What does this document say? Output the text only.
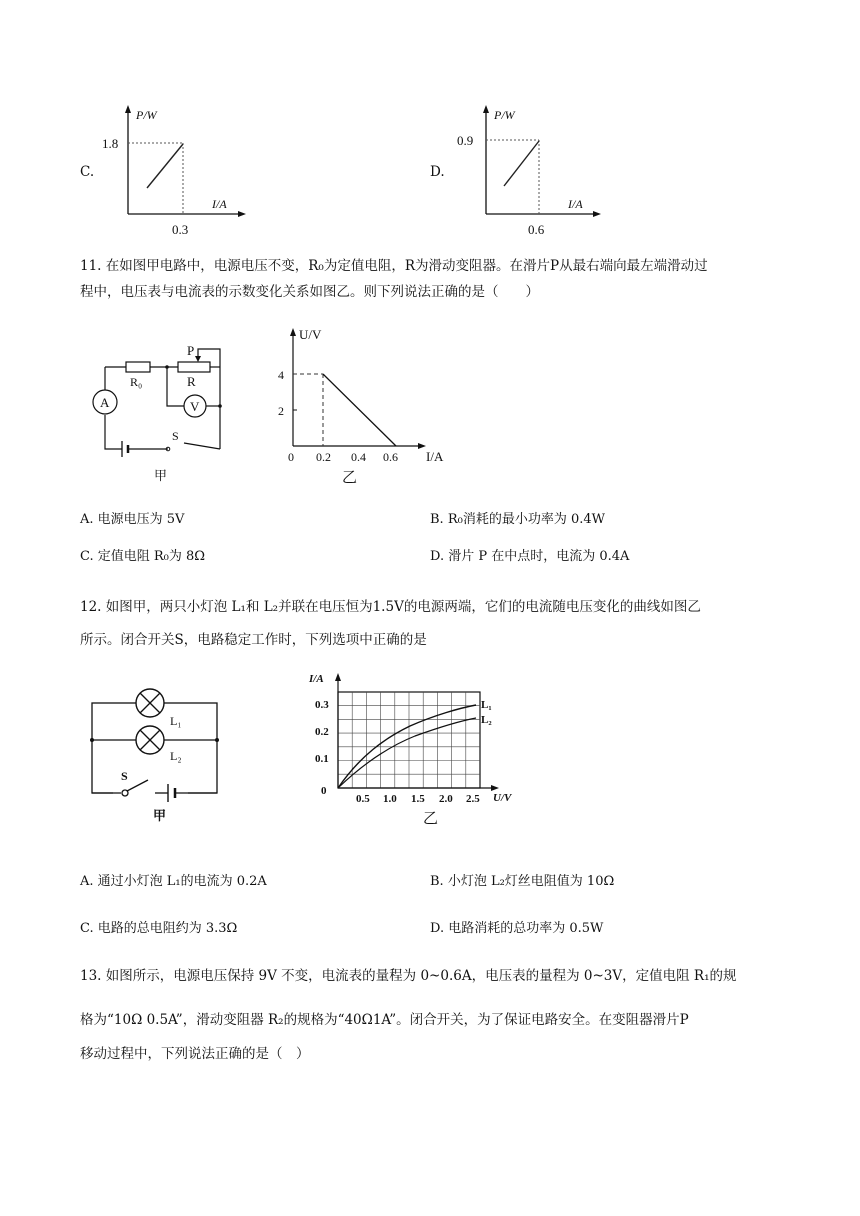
C.
P/W
I/A
1.8
0.3
D.
P/W
I/A
0.9
0.6
11. 在如图甲电路中，电源电压不变，R₀为定值电阻，R为滑动变阻器。在滑片P从最右端向最左端滑动过
程中，电压表与电流表的示数变化关系如图乙。则下列说法正确的是（　　）
A
R₀
P
R
V
S
甲
U/V
I/A
4
2
0 0.2 0.4 0.6
乙
A. 电源电压为 5V	B. R₀消耗的最小功率为 0.4W
C. 定值电阻 R₀为 8Ω	D. 滑片 P 在中点时，电流为 0.4A
12. 如图甲，两只小灯泡 L₁和 L₂并联在电压恒为1.5V的电源两端，它们的电流随电压变化的曲线如图乙
所示。闭合开关S，电路稳定工作时，下列选项中正确的是
L₁
L₂
S
甲
I/A
U/V
0.3
0.2
0.1
0
0.5 1.0 1.5 2.0 2.5
L₁
L₂
乙
A. 通过小灯泡 L₁的电流为 0.2A	B. 小灯泡 L₂灯丝电阻值为 10Ω
C. 电路的总电阻约为 3.3Ω	D. 电路消耗的总功率为 0.5W
13. 如图所示，电源电压保持 9V 不变，电流表的量程为 0~0.6A，电压表的量程为 0~3V，定值电阻 R₁的规
格为“10Ω 0.5A”，滑动变阻器 R₂的规格为“40Ω1A”。闭合开关，为了保证电路安全。在变阻器滑片P
移动过程中，下列说法正确的是（　）
